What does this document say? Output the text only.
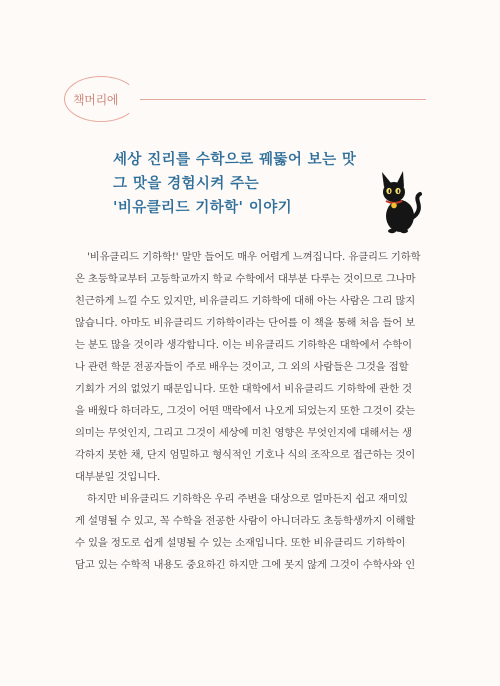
책머리에
세상 진리를 수학으로 꿰뚫어 보는 맛
그 맛을 경험시켜 주는
'비유클리드 기하학' 이야기
'비유클리드 기하학!' 말만 들어도 매우 어렵게 느껴집니다. 유클리드 기하학
은 초등학교부터 고등학교까지 학교 수학에서 대부분 다루는 것이므로 그나마
친근하게 느낄 수도 있지만, 비유클리드 기하학에 대해 아는 사람은 그리 많지
않습니다. 아마도 비유클리드 기하학이라는 단어를 이 책을 통해 처음 들어 보
는 분도 많을 것이라 생각합니다. 이는 비유클리드 기하학은 대학에서 수학이
나 관련 학문 전공자들이 주로 배우는 것이고, 그 외의 사람들은 그것을 접할
기회가 거의 없었기 때문입니다. 또한 대학에서 비유클리드 기하학에 관한 것
을 배웠다 하더라도, 그것이 어떤 맥락에서 나오게 되었는지 또한 그것이 갖는
의미는 무엇인지, 그리고 그것이 세상에 미친 영향은 무엇인지에 대해서는 생
각하지 못한 채, 단지 엄밀하고 형식적인 기호나 식의 조작으로 접근하는 것이
대부분일 것입니다.
하지만 비유클리드 기하학은 우리 주변을 대상으로 얼마든지 쉽고 재미있
게 설명될 수 있고, 꼭 수학을 전공한 사람이 아니더라도 초등학생까지 이해할
수 있을 정도로 쉽게 설명될 수 있는 소재입니다. 또한 비유클리드 기하학이
담고 있는 수학적 내용도 중요하긴 하지만 그에 못지 않게 그것이 수학사와 인
